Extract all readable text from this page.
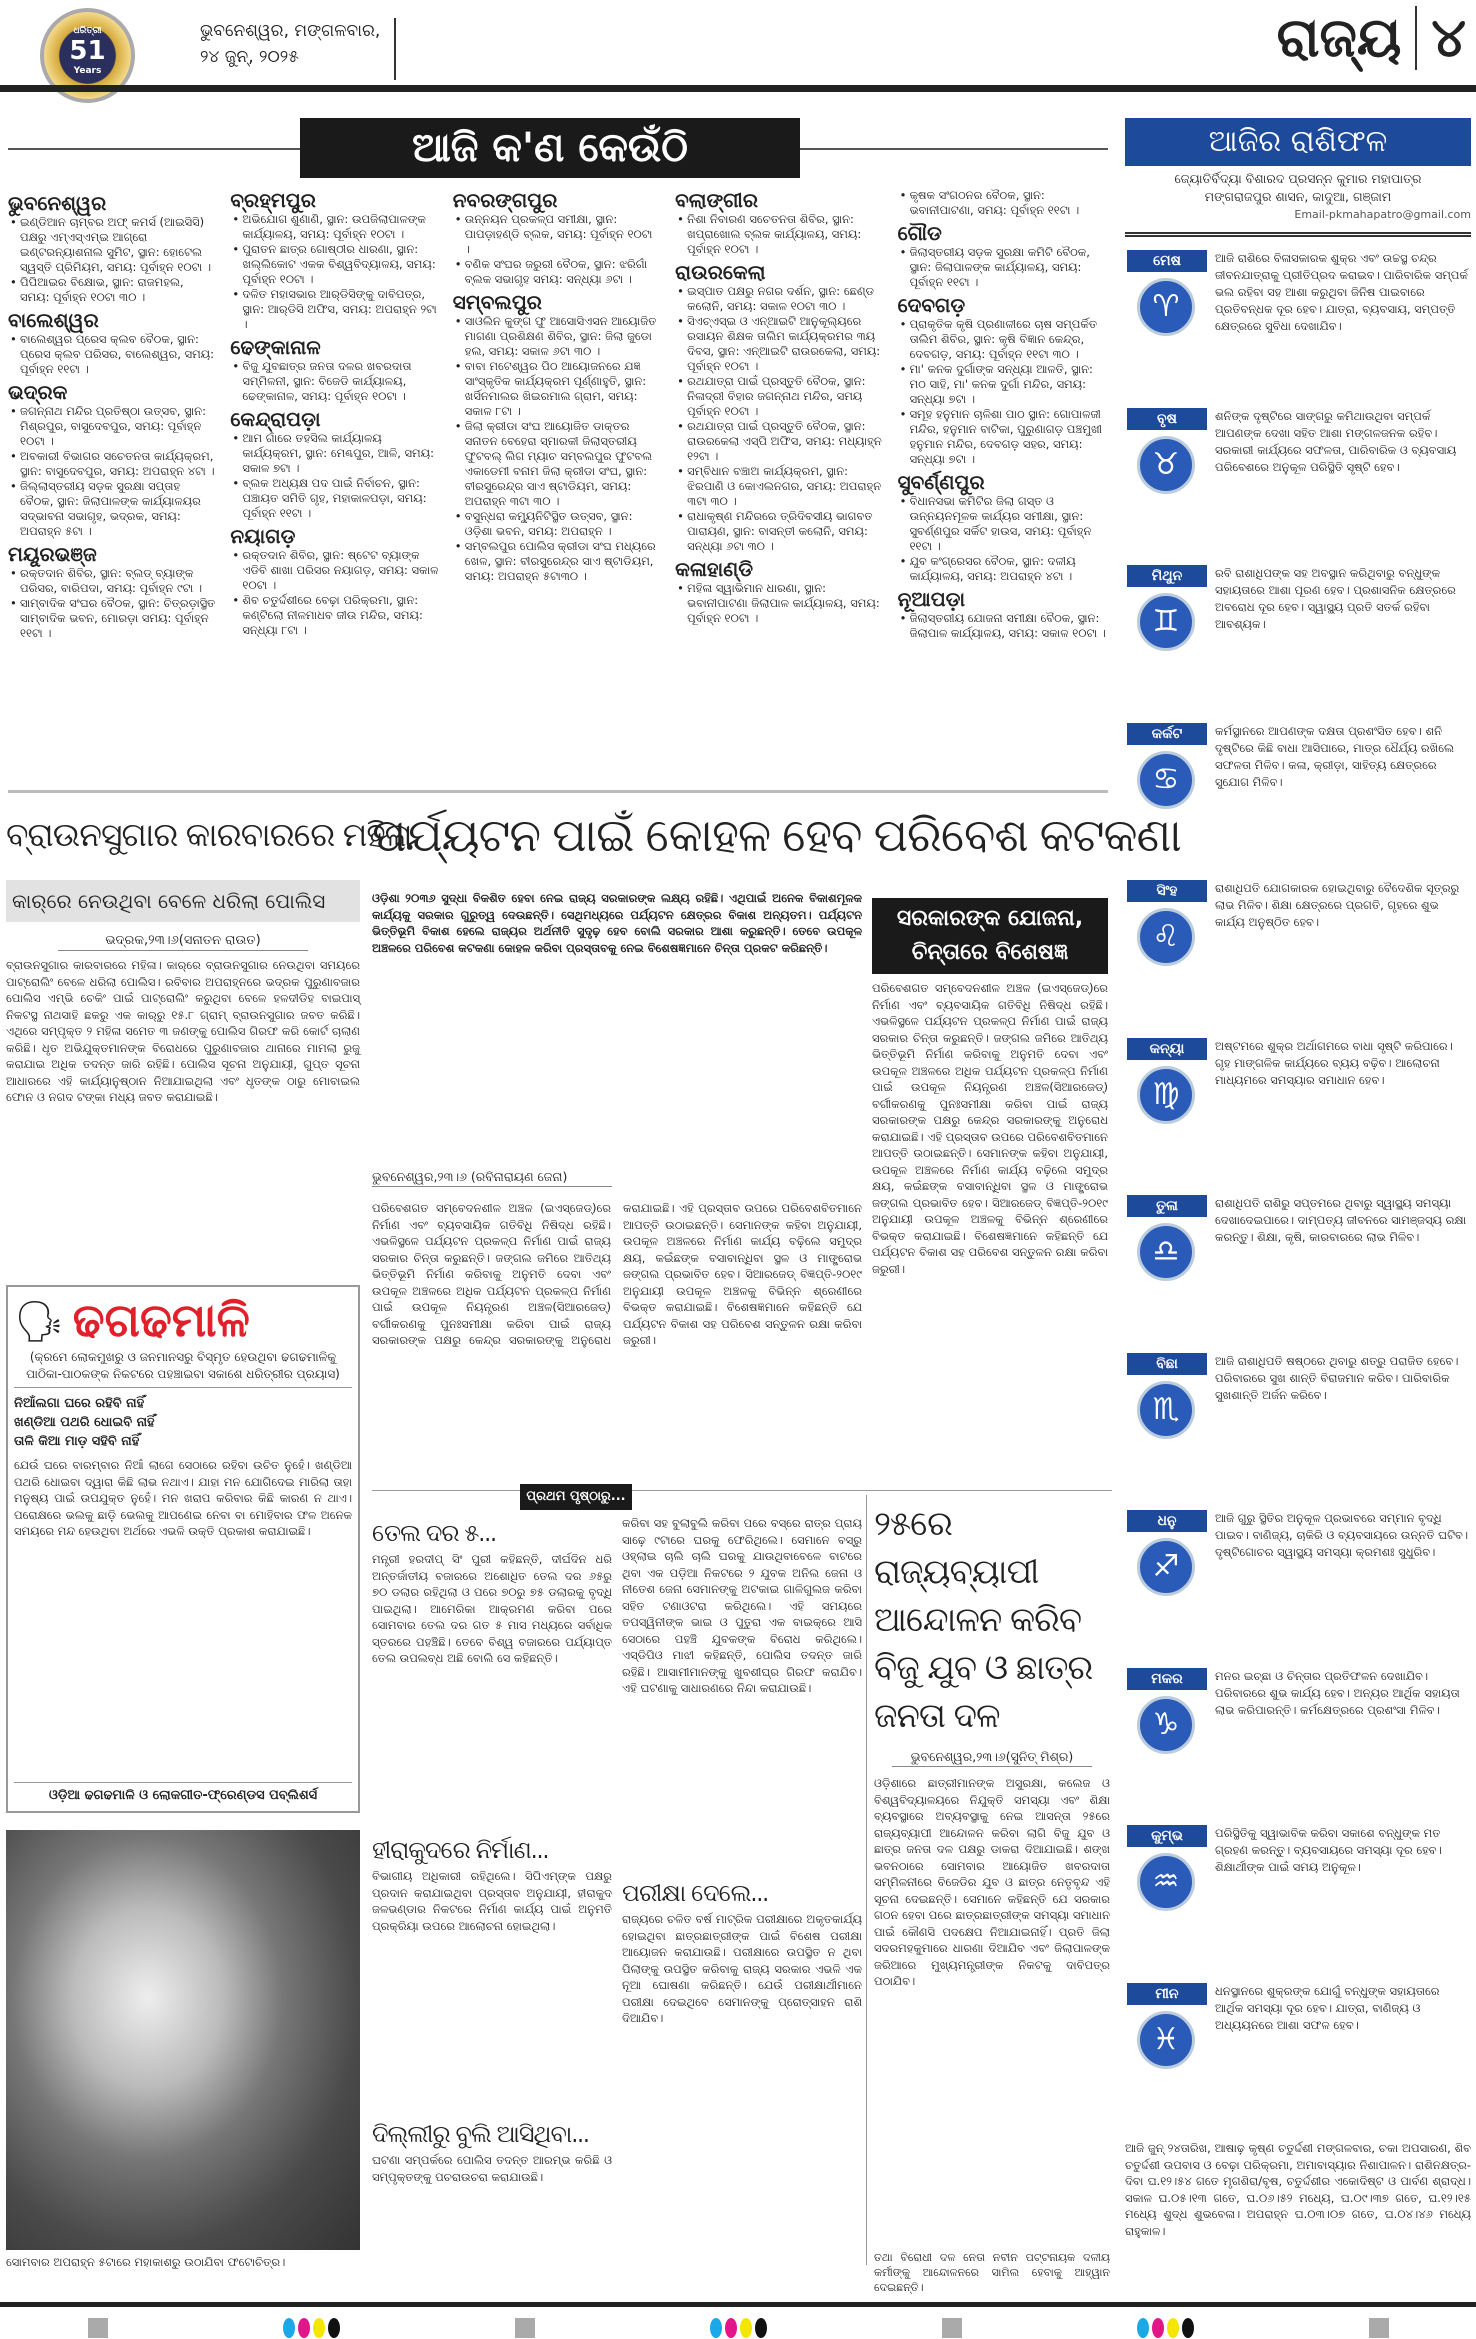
ଧରିତ୍ରୀ
51
Years
ଭୁବନେଶ୍ୱର, ମଙ୍ଗଳବାର,
୨୪ ଜୁନ୍, ୨୦୨୫	ରାଜ୍ୟ ୪
ଆଜି କ'ଣ କେଉଁଠି
ଭୁବନେଶ୍ୱର
• ଇଣ୍ଡିଆନ ଚାମ୍ବର ଅଫ୍ କମର୍ସ (ଆଇସିସି) ପକ୍ଷରୁ ଏମ୍ଏସ୍ଏମ୍ଇ ଆଗ୍ରୋ ଇଣ୍ଟରନ୍ୟାଶନାଲ ସୁମିଟ, ସ୍ଥାନ: ହୋଟେଲ ସ୍ୱସ୍ତି ପ୍ରିମିୟମ, ସମୟ: ପୂର୍ବାହ୍ନ ୧୦ଟା ।
• ପିପିଆଇର ବିକ୍ଷୋଭ, ସ୍ଥାନ: ରାଜମହଲ, ସମୟ: ପୂର୍ବାହ୍ନ ୧୦ଟା ୩୦ ।
ବାଲେଶ୍ୱର
• ବାଲେଶ୍ୱର ପ୍ରେସ କ୍ଲବ ବୈଠକ, ସ୍ଥାନ: ପ୍ରେସ କ୍ଲବ ପରିସର, ବାଲେଶ୍ୱର, ସମୟ: ପୂର୍ବାହ୍ନ ୧୧ଟା ।
ଭଦ୍ରକ
• ଜଗନ୍ନାଥ ମନ୍ଦିର ପ୍ରତିଷ୍ଠା ଉତ୍ସବ, ସ୍ଥାନ: ମିଶ୍ରପୁର, ବାସୁଦେବପୁର, ସମୟ: ପୂର୍ବାହ୍ନ ୧୦ଟା ।
• ଅବକାରୀ ବିଭାଗର ସଚେତନତା କାର୍ଯ୍ୟକ୍ରମ, ସ୍ଥାନ: ବାସୁଦେବପୁର, ସମୟ: ଅପରାହ୍ନ ୪ଟା ।
• ଜିଲ୍ଲାସ୍ତରୀୟ ସଡ଼କ ସୁରକ୍ଷା ସପ୍ତାହ ବୈଠକ, ସ୍ଥାନ: ଜିଲାପାଳଙ୍କ କାର୍ଯ୍ୟାଳୟର ସଦ୍ଭାବନା ସଭାଗୃହ, ଭଦ୍ରକ, ସମୟ: ଅପରାହ୍ନ ୫ଟା ।
ମୟୂରଭଞ୍ଜ
• ରକ୍ତଦାନ ଶିବିର, ସ୍ଥାନ: ବ୍ଲଡ୍ ବ୍ୟାଙ୍କ ପରିସର, ବାରିପଦା, ସମୟ: ପୂର୍ବାହ୍ନ ୯ଟା ।
• ସାମ୍ବାଦିକ ସଂଘର ବୈଠକ, ସ୍ଥାନ: ଚିତ୍ରଡ଼ାସ୍ଥିତ ସାମ୍ବାଦିକ ଭବନ, ମୋରଡ଼ା ସମୟ: ପୂର୍ବାହ୍ନ ୧୧ଟା ।
ବ୍ରହ୍ମପୁର
• ଅଭିଯୋଗ ଶୁଣାଣି, ସ୍ଥାନ: ଉପଜିଲାପାଳଙ୍କ କାର୍ଯ୍ୟାଳୟ, ସମୟ: ପୂର୍ବାହ୍ନ ୧୦ଟା ।
• ପୁରାତନ ଛାତ୍ର ଗୋଷ୍ଠୀର ଧାରଣା, ସ୍ଥାନ: ଖଲ୍ଲିକୋଟ ଏକକ ବିଶ୍ୱବିଦ୍ୟାଳୟ, ସମୟ: ପୂର୍ବାହ୍ନ ୧୦ଟା ।
• ଦଳିତ ମହାସଭାର ଆର୍‌ଡିସିଙ୍କୁ ଦାବିପତ୍ର, ସ୍ଥାନ: ଆର୍‌ଡିସି ଅଫିସ, ସମୟ: ଅପରାହ୍ନ ୨ଟା ।
ଢେଙ୍କାନାଳ
• ବିଜୁ ଯୁବଛାତ୍ର ଜନତା ଦଳର ଖବରଦାତା ସମ୍ମିଳନୀ, ସ୍ଥାନ: ବିଜେଡି କାର୍ଯ୍ୟାଳୟ, ଢେଙ୍କାନାଳ, ସମୟ: ପୂର୍ବାହ୍ନ ୧୦ଟା ।
କେନ୍ଦ୍ରାପଡ଼ା
• ଆମ ଗାଁରେ ତହସିଲ କାର୍ଯ୍ୟାଳୟ କାର୍ଯ୍ୟକ୍ରମ, ସ୍ଥାନ: ମେଣ୍ଢପୁର, ଆଳି, ସମୟ: ସକାଳ ୭ଟା ।
• ବ୍ଲକ ଅଧ୍ୟକ୍ଷ ପଦ ପାଇଁ ନିର୍ବାଚନ, ସ୍ଥାନ: ପଞ୍ଚାୟତ ସମିତି ଗୃହ, ମହାକାଳପଡ଼ା, ସମୟ: ପୂର୍ବାହ୍ନ ୧୧ଟା ।
ନୟାଗଡ଼
• ରକ୍ତଦାନ ଶିବିର, ସ୍ଥାନ: ଷ୍ଟେଟ ବ୍ୟାଙ୍କ ଏଡିବି ଶାଖା ପରିସର ନୟାଗଡ଼, ସମୟ: ସକାଳ ୧୦ଟା ।
• ଶିବ ଚତୁର୍ଦ୍ଦଶୀରେ ବେଢ଼ା ପରିକ୍ରମା, ସ୍ଥାନ: କଣ୍ଟିଲୋ ନୀଳମାଧବ ଜୀଉ ମନ୍ଦିର, ସମୟ: ସନ୍ଧ୍ୟା ୮ଟା ।
ନବରଙ୍ଗପୁର
• ଉନ୍ନୟନ ପ୍ରକଳ୍ପ ସମୀକ୍ଷା, ସ୍ଥାନ: ପାପଡ଼ାହଣ୍ଡି ବ୍ଲକ, ସମୟ: ପୂର୍ବାହ୍ନ ୧୦ଟା ।
• ବଣିକ ସଂଘର ଜରୁରୀ ବୈଠକ, ସ୍ଥାନ: ଝରିଗାଁ ବ୍ଲକ ସଭାଗୃହ ସମୟ: ସନ୍ଧ୍ୟା ୬ଟା ।
ସମ୍ବଲପୁର
• ସାଓଲିନ କୁଙ୍ଗ ଫୁ ଆସୋସିଏସନ ଆୟୋଜିତ ମାଗଣା ପ୍ରଶିକ୍ଷଣ ଶିବିର, ସ୍ଥାନ: ଜିଲା ଜୁଡୋ ହଲ, ସମୟ: ସକାଳ ୬ଟା ୩୦ ।
• ବାବା ମଟେଶ୍ୱର ପିଠ ଆୟୋଜନରେ ଯଜ୍ଞ ସାଂସ୍କୃତିକ କାର୍ଯ୍ୟକ୍ରମ ପୂର୍ଣ୍ଣାହୁତି, ସ୍ଥାନ: ଖର୍ସିନମାଲର ଖିଇରମାଲ ଗ୍ରାମ, ସମୟ: ସକାଳ ୮ଟା ।
• ଜିଲା କ୍ରୀଡା ସଂଘ ଆୟୋଜିତ ଡାକ୍ତର ସନାତନ ବେହେରା ସ୍ମାରକୀ ଜିଲାସ୍ତରୀୟ ଫୁଟବଲ୍ ଲିଗ ମ୍ୟାଚ ସମ୍ବଲପୁର ଫୁଟବଲ ଏକାଡେମୀ ବନାମ ଜିଲା କ୍ରୀଡା ସଂଘ, ସ୍ଥାନ: ବୀରସୁରେନ୍ଦ୍ର ସାଏ ଷ୍ଟାଡିୟମ, ସମୟ: ଅପରାହ୍ନ ୩ଟା ୩୦ ।
• ବସୁନ୍ଧରା କମ୍ୟୁନିଟିସ୍ଥିତ ଉତ୍ସବ, ସ୍ଥାନ: ଓଡ଼ିଶା ଭବନ, ସମୟ: ଅପରାହ୍ନ ।
• ସମ୍ବଲପୁର ପୋଲିସ କ୍ରୀଡା ସଂଘ ମଧ୍ୟରେ ଖେଳ, ସ୍ଥାନ: ବୀରସୁରେନ୍ଦ୍ର ସାଏ ଷ୍ଟାଡିୟମ, ସମୟ: ଅପରାହ୍ନ ୫ଟା୩୦ ।
ବଲାଙ୍ଗୀର
• ନିଶା ନିବାରଣ ସଚେତନତା ଶିବିର, ସ୍ଥାନ: ଖପ୍ରାଖୋଲ ବ୍ଲକ କାର୍ଯ୍ୟାଳୟ, ସମୟ: ପୂର୍ବାହ୍ନ ୧୦ଟା ।
ରାଉରକେଲା
• ଇସ୍ପାତ ପକ୍ଷରୁ ନଗର ଦର୍ଶନ, ସ୍ଥାନ: ଛେଣ୍ଡ କଲୋନି, ସମୟ: ସକାଳ ୧୦ଟା ୩୦ ।
• ସିଏଚ୍ଏସ୍ଇ ଓ ଏନ୍ଆଇଟି ଆନୁକୂଲ୍ୟରେ ରସାୟନ ଶିକ୍ଷକ ତାଲିମ କାର୍ଯ୍ୟକ୍ରମର ୩ୟ ଦିବସ, ସ୍ଥାନ: ଏନ୍ଆଇଟି ରାଉରକେଲା, ସମୟ: ପୂର୍ବାହ୍ନ ୧୦ଟା ।
• ରଥଯାତ୍ରା ପାଇଁ ପ୍ରସ୍ତୁତି ବୈଠକ, ସ୍ଥାନ: ନିଳାଦ୍ରୀ ବିହାର ଜଗନ୍ନାଥ ମନ୍ଦିର, ସମୟ ପୂର୍ବାହ୍ନ ୧୦ଟା ।
• ରଥଯାତ୍ରା ପାଇଁ ପ୍ରସ୍ତୁତି ବୈଠକ, ସ୍ଥାନ: ରାଉରକେଲା ଏସ୍‌ପି ଅଫିସ, ସମୟ: ମଧ୍ୟାହ୍ନ ୧୨ଟା ।
• ସମ୍ବିଧାନ ବଞ୍ଚାଅ କାର୍ଯ୍ୟକ୍ରମ, ସ୍ଥାନ: ଝିରପାଣି ଓ କୋଏଲନଗର, ସମୟ: ଅପରାହ୍ନ ୩ଟା ୩୦ ।
• ରାଧାକୃଷ୍ଣ ମନ୍ଦିରରେ ତ୍ରିଦିବସୀୟ ଭାଗବତ ପାରାୟଣ, ସ୍ଥାନ: ବାସନ୍ତୀ କଲୋନି, ସମୟ: ସନ୍ଧ୍ୟା ୬ଟା ୩୦ ।
କଳାହାଣ୍ଡି
• ମହିଳା ସ୍ୱାଭିମାନ ଧାରଣା, ସ୍ଥାନ: ଭବାନୀପାଟଣା ଜିଲାପାଳ କାର୍ଯ୍ୟାଳୟ, ସମୟ: ପୂର୍ବାହ୍ନ ୧୦ଟା ।
• କୃଷକ ସଂଗଠନର ବୈଠକ, ସ୍ଥାନ: ଭବାନୀପାଟଣା, ସମୟ: ପୂର୍ବାହ୍ନ ୧୧ଟା ।
ଗୌଡ
• ଜିଲାସ୍ତରୀୟ ସଡ଼କ ସୁରକ୍ଷା କମିଟି ବୈଠକ, ସ୍ଥାନ: ଜିଲାପାଳଙ୍କ କାର୍ଯ୍ୟାଳୟ, ସମୟ: ପୂର୍ବାହ୍ନ ୧୧ଟା ।
ଦେବଗଡ଼
• ପ୍ରାକୃତିକ କୃଷି ପ୍ରଣାଳୀରେ ଚାଷ ସମ୍ପର୍କିତ ତାଲିମ ଶିବିର, ସ୍ଥାନ: କୃଷି ବିଜ୍ଞାନ କେନ୍ଦ୍ର, ଦେବଗଡ଼, ସମୟ: ପୂର୍ବାହ୍ନ ୧୧ଟା ୩୦ ।
• ମା' କନକ ଦୁର୍ଗାଙ୍କ ସନ୍ଧ୍ୟା ଆଳତି, ସ୍ଥାନ: ମଠ ସାହି, ମା' କନକ ଦୁର୍ଗା ମନ୍ଦିର, ସମୟ: ସନ୍ଧ୍ୟା ୭ଟା ।
• ସମୂହ ହନୁମାନ ଚାଳିଶା ପାଠ ସ୍ଥାନ: ଗୋପାଳଜୀ ମନ୍ଦିର, ହନୁମାନ ବାଟିକା, ପୁରୁଣାଗଡ଼ ପଞ୍ଚମୁଖୀ ହନୁମାନ ମନ୍ଦିର, ଦେବଗଡ଼ ସହର, ସମୟ: ସନ୍ଧ୍ୟା ୭ଟା ।
ସୁବର୍ଣ୍ଣପୁର
• ବିଧାନସଭା କମିଟିର ଜିଲା ଗସ୍ତ ଓ ଉନ୍ନୟନମୂଳକ କାର୍ଯ୍ୟର ସମୀକ୍ଷା, ସ୍ଥାନ: ସୁବର୍ଣ୍ଣପୁର ସର୍କିଟ ହାଉସ, ସମୟ: ପୂର୍ବାହ୍ନ ୧୧ଟା ।
• ଯୁବ କଂଗ୍ରେସର ବୈଠକ, ସ୍ଥାନ: ଦଳୀୟ କାର୍ଯ୍ୟାଳୟ, ସମୟ: ଅପରାହ୍ନ ୪ଟା ।
ନୂଆପଡ଼ା
• ଜିଲାସ୍ତରୀୟ ଯୋଜନା ସମୀକ୍ଷା ବୈଠକ, ସ୍ଥାନ: ଜିଲାପାଳ କାର୍ଯ୍ୟାଳୟ, ସମୟ: ସକାଳ ୧୦ଟା ।
ବ୍ରାଉନସୁଗାର କାରବାରରେ ମହିଳା
କାର୍‌ରେ ନେଉଥିବା ବେଳେ ଧରିଲା ପୋଲିସ
ଭଦ୍ରକ,୨୩।୬(ସନାତନ ରାଉତ)
ବ୍ରାଉନସୁଗାର କାରବାରରେ ମହିଳା। କାର୍‌ରେ ବ୍ରାଉନସୁଗାର ନେଉଥିବା ସମୟରେ ପାଟ୍ରୋଲିଂ ବେଳେ ଧରିଲା ପୋଲିସ। ରବିବାର ଅପରାହ୍ନରେ ଭଦ୍ରକ ପୁରୁଣାବଜାର ପୋଲିସ ଏମ୍‌ଭି ଚେକିଂ ପାଇଁ ପାଟ୍ରୋଲିଂ କରୁଥିବା ବେଳେ ହଳଦୀଡିହ ବାଇପାସ୍ ନିକଟସ୍ଥ ନାଥସାହି ଛକରୁ ଏକ କାର୍‌ରୁ ୧୫.୮ ଗ୍ରାମ୍ ବ୍ରାଉନସୁଗାର ଜବତ କରିଛି। ଏଥିରେ ସମ୍ପୃକ୍ତ ୨ ମହିଳା ସମେତ ୩ ଜଣଙ୍କୁ ପୋଲିସ ଗିରଫ କରି କୋର୍ଟ ଚାଲାଣ କରିଛି। ଧୃତ ଅଭିଯୁକ୍ତମାନଙ୍କ ବିରୋଧରେ ପୁରୁଣାବଜାର ଥାନାରେ ମାମଲା ରୁଜୁ କରାଯାଇ ଅଧିକ ତଦନ୍ତ ଜାରି ରହିଛି। ପୋଲିସ ସୂଚନା ଅନୁଯାୟୀ, ଗୁପ୍ତ ସୂଚନା ଆଧାରରେ ଏହି କାର୍ଯ୍ୟାନୁଷ୍ଠାନ ନିଆଯାଇଥିଲା ଏବଂ ଧୃତଙ୍କ ଠାରୁ ମୋବାଇଲ ଫୋନ ଓ ନଗଦ ଟଙ୍କା ମଧ୍ୟ ଜବତ କରାଯାଇଛି।
🗣 ଢଗଢମାଳି
(କ୍ରମେ ଲୋକମୁଖରୁ ଓ ଜନମାନସରୁ ବିସ୍ମୃତ ହେଉଥିବା ଢଗଢମାଳିକୁ ପାଠିକା-ପାଠକଙ୍କ ନିକଟରେ ପହଞ୍ଚାଇବା ସକାଶେ ଧରିତ୍ରୀର ପ୍ରୟାସ)
ନିଆଁଲଗା ଘରେ ରହିବି ନାହିଁ
ଖଣ୍ଡିଆ ପଥରି ଧୋଇବି ନାହିଁ
ତାଳି କିଆ ମାଡ଼ ସହିବି ନାହିଁ
ଯେଉଁ ଘରେ ବାରମ୍ବାର ନିଆଁ ଲାଗେ ସେଠାରେ ରହିବା ଉଚିତ ନୁହେଁ। ଖଣ୍ଡିଆ ପଥରି ଧୋଇବା ଦ୍ୱାରା କିଛି ଲାଭ ନଥାଏ। ଯାହା ମନ ଯୋଗିଦେଇ ମାରିଲା ତାହା ମନୁଷ୍ୟ ପାଇଁ ଉପଯୁକ୍ତ ନୁହେଁ। ମନ ଖରାପ କରିବାର କିଛି କାରଣ ନ ଥାଏ। ପରୋକ୍ଷରେ ଭଲକୁ ଛାଡ଼ି ଭେଲକୁ ଆପଣେଇ ନେବା ବା ମୋହିବାର ଫଳ ଅନେକ ସମୟରେ ମନ୍ଦ ହେଉଥିବା ଅର୍ଥରେ ଏଭଳି ଉକ୍ତି ପ୍ରକାଶ କରାଯାଇଛି।
ଓଡ଼ିଆ ଢଗଢମାଳି ଓ ଲୋକଗୀତ-ଫ୍ରେଣ୍ଡସ ପବ୍ଲିଶର୍ସ
ସୋମବାର ଅପରାହ୍ନ ୫ଟାରେ ମହାକାଶରୁ ଉଠାଯିବା ଫଟୋଚିତ୍ର।
ପର୍ଯ୍ୟଟନ ପାଇଁ କୋହଳ ହେବ ପରିବେଶ କଟକଣା
ଓଡ଼ିଶା ୨୦୩୬ ସୁଦ୍ଧା ବିକଶିତ ହେବା ନେଇ ରାଜ୍ୟ ସରକାରଙ୍କ ଲକ୍ଷ୍ୟ ରହିଛି। ଏଥିପାଇଁ ଅନେକ ବିକାଶମୂଳକ କାର୍ଯ୍ୟକୁ ସରକାର ଗୁରୁତ୍ୱ ଦେଉଛନ୍ତି। ସେଥିମଧ୍ୟରେ ପର୍ଯ୍ୟଟନ କ୍ଷେତ୍ରର ବିକାଶ ଅନ୍ୟତମ। ପର୍ଯ୍ୟଟନ ଭିତ୍ତିଭୂମି ବିକାଶ ହେଲେ ରାଜ୍ୟର ଅର୍ଥନୀତି ସୁଦୃଢ଼ ହେବ ବୋଲି ସରକାର ଆଶା କରୁଛନ୍ତି। ତେବେ ଉପକୂଳ ଅଞ୍ଚଳରେ ପରିବେଶ କଟକଣା କୋହଳ କରିବା ପ୍ରସ୍ତାବକୁ ନେଇ ବିଶେଷଜ୍ଞମାନେ ଚିନ୍ତା ପ୍ରକଟ କରିଛନ୍ତି।
ସରକାରଙ୍କ ଯୋଜନା, ଚିନ୍ତାରେ ବିଶେଷଜ୍ଞ
ପରିବେଶଗତ ସମ୍ବେଦନଶୀଳ ଅଞ୍ଚଳ (ଇଏସ୍‌ଜେଡ୍)ରେ ନିର୍ମାଣ ଏବଂ ବ୍ୟବସାୟିକ ଗତିବିଧି ନିଷିଦ୍ଧ ରହିଛି। ଏଭଳିସ୍ଥଳେ ପର୍ଯ୍ୟଟନ ପ୍ରକଳ୍ପ ନିର୍ମାଣ ପାଇଁ ରାଜ୍ୟ ସରକାର ଚିନ୍ତା କରୁଛନ୍ତି। ଜଙ୍ଗଲ ଜମିରେ ଆତିଥ୍ୟ ଭିତ୍ତିଭୂମି ନିର୍ମାଣ କରିବାକୁ ଅନୁମତି ଦେବା ଏବଂ ଉପକୂଳ ଅଞ୍ଚଳରେ ଅଧିକ ପର୍ଯ୍ୟଟନ ପ୍ରକଳ୍ପ ନିର୍ମାଣ ପାଇଁ ଉପକୂଳ ନିୟନ୍ତ୍ରଣ ଅଞ୍ଚଳ(ସିଆରଜେଡ୍) ବର୍ଗୀକରଣକୁ ପୁନଃସମୀକ୍ଷା କରିବା ପାଇଁ ରାଜ୍ୟ ସରକାରଙ୍କ ପକ୍ଷରୁ କେନ୍ଦ୍ର ସରକାରଙ୍କୁ ଅନୁରୋଧ କରାଯାଇଛି। ଏହି ପ୍ରସ୍ତାବ ଉପରେ ପରିବେଶବିତମାନେ ଆପତ୍ତି ଉଠାଇଛନ୍ତି। ସେମାନଙ୍କ କହିବା ଅନୁଯାୟୀ, ଉପକୂଳ ଅଞ୍ଚଳରେ ନିର୍ମାଣ କାର୍ଯ୍ୟ ବଢ଼ିଲେ ସମୁଦ୍ର କ୍ଷୟ, କଇଁଛଙ୍କ ବସାବାନ୍ଧିବା ସ୍ଥଳ ଓ ମାଙ୍ଗ୍ରୋଭ ଜଙ୍ଗଲ ପ୍ରଭାବିତ ହେବ। ସିଆରଜେଡ୍ ବିଜ୍ଞପ୍ତି-୨୦୧୯ ଅନୁଯାୟୀ ଉପକୂଳ ଅଞ୍ଚଳକୁ ବିଭିନ୍ନ ଶ୍ରେଣୀରେ ବିଭକ୍ତ କରାଯାଇଛି। ବିଶେଷଜ୍ଞମାନେ କହିଛନ୍ତି ଯେ ପର୍ଯ୍ୟଟନ ବିକାଶ ସହ ପରିବେଶ ସନ୍ତୁଳନ ରକ୍ଷା କରିବା ଜରୁରୀ।
ଭୁବନେଶ୍ୱର,୨୩।୬ (ରବିନାରାୟଣ ଜେନା)
ପରିବେଶଗତ ସମ୍ବେଦନଶୀଳ ଅଞ୍ଚଳ (ଇଏସ୍‌ଜେଡ୍)ରେ ନିର୍ମାଣ ଏବଂ ବ୍ୟବସାୟିକ ଗତିବିଧି ନିଷିଦ୍ଧ ରହିଛି। ଏଭଳିସ୍ଥଳେ ପର୍ଯ୍ୟଟନ ପ୍ରକଳ୍ପ ନିର୍ମାଣ ପାଇଁ ରାଜ୍ୟ ସରକାର ଚିନ୍ତା କରୁଛନ୍ତି। ଜଙ୍ଗଲ ଜମିରେ ଆତିଥ୍ୟ ଭିତ୍ତିଭୂମି ନିର୍ମାଣ କରିବାକୁ ଅନୁମତି ଦେବା ଏବଂ ଉପକୂଳ ଅଞ୍ଚଳରେ ଅଧିକ ପର୍ଯ୍ୟଟନ ପ୍ରକଳ୍ପ ନିର୍ମାଣ ପାଇଁ ଉପକୂଳ ନିୟନ୍ତ୍ରଣ ଅଞ୍ଚଳ(ସିଆରଜେଡ୍) ବର୍ଗୀକରଣକୁ ପୁନଃସମୀକ୍ଷା କରିବା ପାଇଁ ରାଜ୍ୟ ସରକାରଙ୍କ ପକ୍ଷରୁ କେନ୍ଦ୍ର ସରକାରଙ୍କୁ ଅନୁରୋଧ କରାଯାଇଛି। ଏହି ପ୍ରସ୍ତାବ ଉପରେ ପରିବେଶବିତମାନେ ଆପତ୍ତି ଉଠାଇଛନ୍ତି। ସେମାନଙ୍କ କହିବା ଅନୁଯାୟୀ, ଉପକୂଳ ଅଞ୍ଚଳରେ ନିର୍ମାଣ କାର୍ଯ୍ୟ ବଢ଼ିଲେ ସମୁଦ୍ର କ୍ଷୟ, କଇଁଛଙ୍କ ବସାବାନ୍ଧିବା ସ୍ଥଳ ଓ ମାଙ୍ଗ୍ରୋଭ ଜଙ୍ଗଲ ପ୍ରଭାବିତ ହେବ। ସିଆରଜେଡ୍ ବିଜ୍ଞପ୍ତି-୨୦୧୯ ଅନୁଯାୟୀ ଉପକୂଳ ଅଞ୍ଚଳକୁ ବିଭିନ୍ନ ଶ୍ରେଣୀରେ ବିଭକ୍ତ କରାଯାଇଛି। ବିଶେଷଜ୍ଞମାନେ କହିଛନ୍ତି ଯେ ପର୍ଯ୍ୟଟନ ବିକାଶ ସହ ପରିବେଶ ସନ୍ତୁଳନ ରକ୍ଷା କରିବା ଜରୁରୀ।
ପ୍ରଥମ ପୃଷ୍ଠାରୁ...
ତେଲ ଦର ୫...
ମନ୍ତ୍ରୀ ହରଦୀପ୍ ସିଂ ପୁରୀ କହିଛନ୍ତି, ଦୀର୍ଘଦିନ ଧରି ଅନ୍ତର୍ଜାତୀୟ ବଜାରରେ ଅଶୋଧିତ ତେଲ ଦର ୬୫ରୁ ୭୦ ଡଲାର ରହିଥିଲା ଓ ପରେ ୭୦ରୁ ୭୫ ଡଲାରକୁ ବୃଦ୍ଧି ପାଇଥିଲା। ଆମେରିକା ଆକ୍ରମଣ କରିବା ପରେ ସୋମବାର ତେଲ ଦର ଗତ ୫ ମାସ ମଧ୍ୟରେ ସର୍ବାଧିକ ସ୍ତରରେ ପହଞ୍ଚିଛି। ତେବେ ବିଶ୍ୱ ବଜାରରେ ପର୍ଯ୍ୟାପ୍ତ ତେଲ ଉପଲବ୍ଧ ଅଛି ବୋଲି ସେ କହିଛନ୍ତି।
ହୀରାକୁଦରେ ନିର୍ମାଣ...
ବିଭାଗୀୟ ଅଧିକାରୀ ରହିଥିଲେ। ସିପିଏମ୍‌ଙ୍କ ପକ୍ଷରୁ ପ୍ରଦାନ କରାଯାଇଥିବା ପ୍ରସ୍ତାବ ଅନୁଯାୟୀ, ହୀରାକୁଦ ଜଳଭଣ୍ଡାର ନିକଟରେ ନିର୍ମାଣ କାର୍ଯ୍ୟ ପାଇଁ ଅନୁମତି ପ୍ରକ୍ରିୟା ଉପରେ ଆଲୋଚନା ହୋଇଥିଲା।
ଦିଲ୍ଲୀରୁ ବୁଲି ଆସିଥିବା...
ଘଟଣା ସମ୍ପର୍କରେ ପୋଲିସ ତଦନ୍ତ ଆରମ୍ଭ କରିଛି ଓ ସମ୍ପୃକ୍ତଙ୍କୁ ପଚରାଉଚରା କରାଯାଉଛି।
କରିବା ସହ ବୁଲାବୁଲି କରିବା ପରେ ବସ୍‌ରେ ରାତ୍ର ପ୍ରାୟ ସାଢ଼େ ୯ଟାରେ ଘରକୁ ଫେରିଥିଲେ। ସେମାନେ ବସ୍‌ରୁ ଓହ୍ଲାଇ ଚାଲି ଚାଲି ଘରକୁ ଯାଉଥିବାବେଳେ ବାଟରେ ଥିବା ଏକ ପଡ଼ିଆ ନିକଟରେ ୨ ଯୁବକ ଅନିଲ ଜେନା ଓ ନୀତେଶ ଜେନା ସେମାନଙ୍କୁ ଅଟକାଇ ଗାଳିଗୁଲଜ କରିବା ସହିତ ଟଣାଓଟରା କରିଥିଲେ। ଏହି ସମୟରେ ତପସ୍ୱିନୀଙ୍କ ଭାଇ ଓ ପୁତୁରା ଏକ ବାଇକ୍‌ରେ ଆସି ସେଠାରେ ପହଞ୍ଚି ଯୁବକଙ୍କ ବିରୋଧ କରିଥିଲେ। ଏସ୍‌ଡିପିଓ ମାଝୀ କହିଛନ୍ତି, ପୋଲିସ ତଦନ୍ତ ଜାରି ରହିଛି। ଆସାମୀମାନଙ୍କୁ ଖୁବଶୀଘ୍ର ଗିରଫ କରାଯିବ। ଏହି ଘଟଣାକୁ ସାଧାରଣରେ ନିନ୍ଦା କରାଯାଉଛି।
ପରୀକ୍ଷା ଦେଲେ...
ରାଜ୍ୟରେ ଚଳିତ ବର୍ଷ ମାଟ୍ରିକ ପରୀକ୍ଷାରେ ଅକୃତକାର୍ଯ୍ୟ ହୋଇଥିବା ଛାତ୍ରଛାତ୍ରୀଙ୍କ ପାଇଁ ବିଶେଷ ପରୀକ୍ଷା ଆୟୋଜନ କରାଯାଉଛି। ପରୀକ୍ଷାରେ ଉପସ୍ଥିତ ନ ଥିବା ପିଲାଙ୍କୁ ଉପସ୍ଥିତ କରିବାକୁ ରାଜ୍ୟ ସରକାର ଏଭଳି ଏକ ନୂଆ ଘୋଷଣା କରିଛନ୍ତି। ଯେଉଁ ପରୀକ୍ଷାର୍ଥୀମାନେ ପରୀକ୍ଷା ଦେଇଥିବେ ସେମାନଙ୍କୁ ପ୍ରୋତ୍ସାହନ ରାଶି ଦିଆଯିବ।
୨୫ରେ ରାଜ୍ୟବ୍ୟାପୀ ଆନ୍ଦୋଳନ କରିବ ବିଜୁ ଯୁବ ଓ ଛାତ୍ର ଜନତା ଦଳ
ଭୁବନେଶ୍ୱର,୨୩।୬(ସୁନିତ୍ ମିଶ୍ର)
ଓଡ଼ିଶାରେ ଛାତ୍ରୀମାନଙ୍କ ଅସୁରକ୍ଷା, କଲେଜ ଓ ବିଶ୍ୱବିଦ୍ୟାଳୟରେ ନିଯୁକ୍ତି ସମସ୍ୟା ଏବଂ ଶିକ୍ଷା ବ୍ୟବସ୍ଥାରେ ଅବ୍ୟବସ୍ଥାକୁ ନେଇ ଆସନ୍ତା ୨୫ରେ ରାଜ୍ୟବ୍ୟାପୀ ଆନ୍ଦୋଳନ କରିବା ଲାଗି ବିଜୁ ଯୁବ ଓ ଛାତ୍ର ଜନତା ଦଳ ପକ୍ଷରୁ ଡାକରା ଦିଆଯାଇଛି। ଶଙ୍ଖ ଭବନଠାରେ ସୋମବାର ଆୟୋଜିତ ଖବରଦାତା ସମ୍ମିଳନୀରେ ବିଜେଡିର ଯୁବ ଓ ଛାତ୍ର ନେତୃବୃନ୍ଦ ଏହି ସୂଚନା ଦେଇଛନ୍ତି। ସେମାନେ କହିଛନ୍ତି ଯେ ସରକାର ଗଠନ ହେବା ପରେ ଛାତ୍ରଛାତ୍ରୀଙ୍କ ସମସ୍ୟା ସମାଧାନ ପାଇଁ କୌଣସି ପଦକ୍ଷେପ ନିଆଯାଇନାହିଁ। ପ୍ରତି ଜିଲା ସଦରମହକୁମାରେ ଧାରଣା ଦିଆଯିବ ଏବଂ ଜିଲାପାଳଙ୍କ ଜରିଆରେ ମୁଖ୍ୟମନ୍ତ୍ରୀଙ୍କ ନିକଟକୁ ଦାବିପତ୍ର ପଠାଯିବ।
ତଥା ବିରୋଧୀ ଦଳ ନେତା ନବୀନ ପଟ୍ଟନାୟକ ଦଳୀୟ କର୍ମୀଙ୍କୁ ଆନ୍ଦୋଳନରେ ସାମିଲ ହେବାକୁ ଆହ୍ୱାନ ଦେଇଛନ୍ତି।
ଆଜିର ରାଶିଫଳ
ଜ୍ୟୋତିର୍ବିଦ୍ୟା ବିଶାରଦ ପ୍ରସନ୍ନ କୁମାର ମହାପାତ୍ର
ମଙ୍ଗରାଜପୁର ଶାସନ, କାଦୁଆ, ଗଞ୍ଜାମ
Email-pkmahapatro@gmail.com
ମେଷ
♈
ଆଜି ରାଶିରେ ବିଳାସକାରକ ଶୁକ୍ର ଏବଂ ଉଚ୍ଚସ୍ଥ ଚନ୍ଦ୍ର ଜୀବନଯାତ୍ରାକୁ ପ୍ରୀତିପ୍ରଦ କରାଇବ। ପାରିବାରିକ ସମ୍ପର୍କ ଭଲ ରହିବା ସହ ଆଶା କରୁଥିବା ଜିନିଷ ପାଇବାରେ ପ୍ରତିବନ୍ଧକ ଦୂର ହେବ। ଯାତ୍ରା, ବ୍ୟବସାୟ, ସମ୍ପତ୍ତି କ୍ଷେତ୍ରରେ ସୁବିଧା ଦେଖାଯିବ।
ବୃଷ
♉
ଶନିଙ୍କ ଦୃଷ୍ଟିରେ ସାଙ୍ଗରୁ କମିଥାଉଥିବା ସମ୍ପର୍କ ଆପଣଙ୍କ ଦେଖା ସହିତ ଆଶା ମଙ୍ଗଳଜନକ ରହିବ। ସରକାରୀ କାର୍ଯ୍ୟରେ ସଫଳତା, ପାରିବାରିକ ଓ ବ୍ୟବସାୟ ପରିବେଶରେ ଅନୁକୂଳ ପରିସ୍ଥିତି ସୃଷ୍ଟି ହେବ।
ମିଥୁନ
♊
ରବି ରାଶାଧିପଙ୍କ ସହ ଅବସ୍ଥାନ କରିଥିବାରୁ ବନ୍ଧୁଙ୍କ ସହାୟତାରେ ଆଶା ପୂରଣ ହେବ। ପ୍ରଶାସନିକ କ୍ଷେତ୍ରରେ ଅବରୋଧ ଦୂର ହେବ। ସ୍ୱାସ୍ଥ୍ୟ ପ୍ରତି ସତର୍କ ରହିବା ଆବଶ୍ୟକ।
କର୍କଟ
♋
କର୍ମସ୍ଥାନରେ ଆପଣଙ୍କ ଦକ୍ଷତା ପ୍ରଶଂସିତ ହେବ। ଶନି ଦୃଷ୍ଟିରେ କିଛି ବାଧା ଆସିପାରେ, ମାତ୍ର ଧୈର୍ଯ୍ୟ ରଖିଲେ ସଫଳତା ମିଳିବ। କଳା, କ୍ରୀଡ଼ା, ସାହିତ୍ୟ କ୍ଷେତ୍ରରେ ସୁଯୋଗ ମିଳିବ।
ସିଂହ
♌
ରାଶାଧିପତି ଯୋଗକାରକ ହୋଇଥିବାରୁ ବୈଦେଶିକ ସୂତ୍ରରୁ ଲାଭ ମିଳିବ। ଶିକ୍ଷା କ୍ଷେତ୍ରରେ ପ୍ରଗତି, ଗୃହରେ ଶୁଭ କାର୍ଯ୍ୟ ଅନୁଷ୍ଠିତ ହେବ।
କନ୍ୟା
♍
ଅଷ୍ଟମରେ ଶୁକ୍ର ଅର୍ଥାଗମରେ ବାଧା ସୃଷ୍ଟି କରିପାରେ। ଗୃହ ମାଙ୍ଗଳିକ କାର୍ଯ୍ୟରେ ବ୍ୟୟ ବଢ଼ିବ। ଆଲୋଚନା ମାଧ୍ୟମରେ ସମସ୍ୟାର ସମାଧାନ ହେବ।
ତୁଳା
♎
ରାଶାଧିପତି ରାଶିରୁ ସପ୍ତମରେ ଥିବାରୁ ସ୍ୱାସ୍ଥ୍ୟ ସମସ୍ୟା ଦେଖାଦେଇପାରେ। ଦାମ୍ପତ୍ୟ ଜୀବନରେ ସାମଞ୍ଜସ୍ୟ ରକ୍ଷା କରନ୍ତୁ। ଶିକ୍ଷା, କୃଷି, କାରବାରରେ ଲାଭ ମିଳିବ।
ବିଛା
♏
ଆଜି ରାଶାଧିପତି ଷଷ୍ଠରେ ଥିବାରୁ ଶତ୍ରୁ ପରାଜିତ ହେବେ। ପରିବାରରେ ସୁଖ ଶାନ୍ତି ବିରାଜମାନ କରିବ। ପାରିବାରିକ ସୁଖଶାନ୍ତି ଅର୍ଜନ କରିବେ।
ଧନୁ
♐
ଆଜି ଗୁରୁ ସ୍ଥିତିର ଅନୁକୂଳ ପ୍ରଭାବରେ ସମ୍ମାନ ବୃଦ୍ଧି ପାଇବ। ବାଣିଜ୍ୟ, ଚାକିରି ଓ ବ୍ୟବସାୟରେ ଉନ୍ନତି ଘଟିବ। ଦୃଷ୍ଟିଗୋଚର ସ୍ୱାସ୍ଥ୍ୟ ସମସ୍ୟା କ୍ରମଶଃ ସୁଧୁରିବ।
ମକର
♑
ମନର ଇଚ୍ଛା ଓ ଚିନ୍ତାର ପ୍ରତିଫଳନ ଦେଖାଯିବ। ପରିବାରରେ ଶୁଭ କାର୍ଯ୍ୟ ହେବ। ଅନ୍ୟର ଆର୍ଥିକ ସହାୟତା ଲାଭ କରିପାରନ୍ତି। କର୍ମକ୍ଷେତ୍ରରେ ପ୍ରଶଂସା ମିଳିବ।
କୁମ୍ଭ
♒
ପରିସ୍ଥିତିକୁ ସ୍ୱାଭାବିକ କରିବା ସକାଶେ ବନ୍ଧୁଙ୍କ ମତ ଗ୍ରହଣ କରନ୍ତୁ। ବ୍ୟବସାୟରେ ସମସ୍ୟା ଦୂର ହେବ। ଶିକ୍ଷାର୍ଥୀଙ୍କ ପାଇଁ ସମୟ ଅନୁକୂଳ।
ମୀନ
♓
ଧନସ୍ଥାନରେ ଶୁକ୍ରଙ୍କ ଯୋଗୁଁ ବନ୍ଧୁଙ୍କ ସହାୟତାରେ ଆର୍ଥିକ ସମସ୍ୟା ଦୂର ହେବ। ଯାତ୍ରା, ବାଣିଜ୍ୟ ଓ ଅଧ୍ୟୟନରେ ଆଶା ସଫଳ ହେବ।
ଆଜି ଜୁନ୍ ୨୪ତାରିଖ, ଆଷାଢ଼ କୃଷ୍ଣ ଚତୁର୍ଦ୍ଦଶୀ ମଙ୍ଗଳବାର, ଚକା ଅପସାରଣ, ଶିବ ଚତୁର୍ଦ୍ଦଶୀ ଉପବାସ ଓ ବେଢ଼ା ପରିକ୍ରମା, ଅମାବାସ୍ୟାର ନିଶାପାଳନ। ରାଶିନକ୍ଷତ୍ର-ଦିବା ଘ.୧୨।୫୪ ଗତେ ମୃଗଶିରା/ବୃଷ, ଚତୁର୍ଦ୍ଦଶୀର ଏକୋଦିଷ୍ଟ ଓ ପାର୍ବଣ ଶ୍ରାଦ୍ଧ। ସକାଳ ଘ.୦୫।୧୩ ଗତେ, ଘ.୦୬।୫୨ ମଧ୍ୟେ, ଘ.୦୯।୩୭ ଗତେ, ଘ.୧୨।୧୫ ମଧ୍ୟେ ଶୁଦ୍ଧ ଶୁଭବେଳା। ଅପରାହ୍ନ ଘ.୦୩।୦୭ ଗତେ, ଘ.୦୪।୪୬ ମଧ୍ୟେ ରାହୁକାଳ।
